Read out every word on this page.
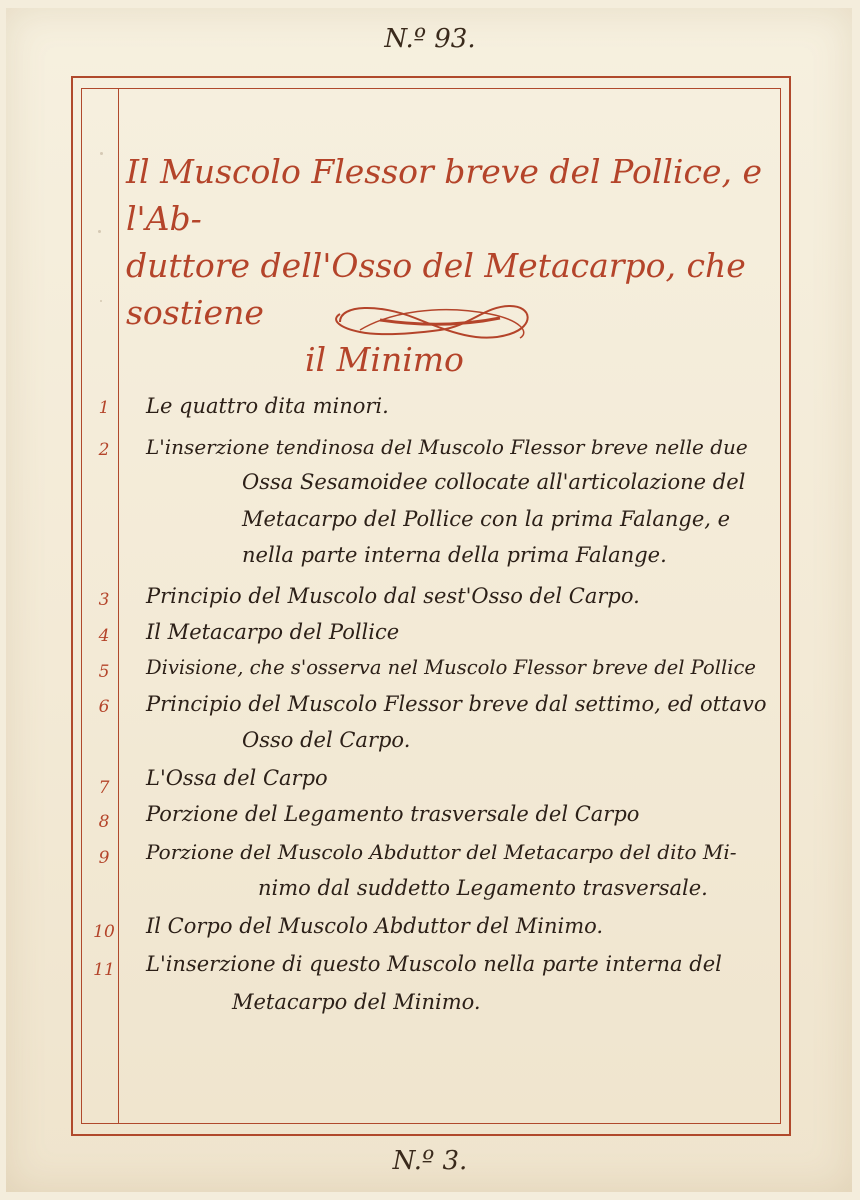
N.º 93.
Il Muscolo Flessor breve del Pollice, e l'Ab-
duttore dell'Osso del Metacarpo, che sostiene
il Minimo
1	Le quattro dita minori.
2	L'inserzione tendinosa del Muscolo Flessor breve nelle due
Ossa Sesamoidee collocate all'articolazione del
Metacarpo del Pollice con la prima Falange, e
nella parte interna della prima Falange.
3	Principio del Muscolo dal sest'Osso del Carpo.
4	Il Metacarpo del Pollice
5	Divisione, che s'osserva nel Muscolo Flessor breve del Pollice
6	Principio del Muscolo Flessor breve dal settimo, ed ottavo
Osso del Carpo.
7	L'Ossa del Carpo
8	Porzione del Legamento trasversale del Carpo
9	Porzione del Muscolo Abduttor del Metacarpo del dito Mi-
nimo dal suddetto Legamento trasversale.
10	Il Corpo del Muscolo Abduttor del Minimo.
11	L'inserzione di questo Muscolo nella parte interna del
Metacarpo del Minimo.
N.º 3.
